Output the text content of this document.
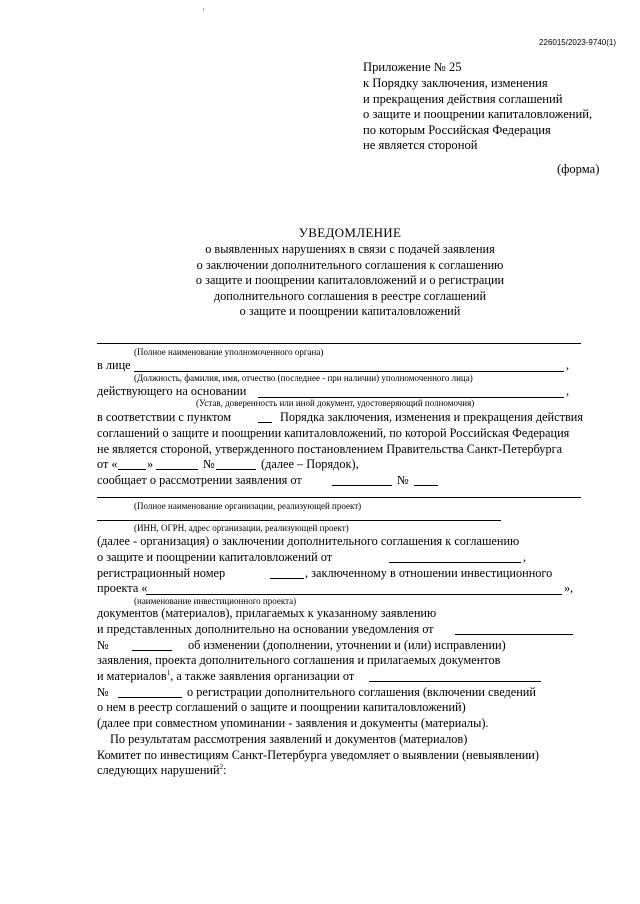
226015/2023-9740(1)
Приложение № 25
к Порядку заключения, изменения
и прекращения действия соглашений
о защите и поощрении капиталовложений,
по которым Российская Федерация
не является стороной
(форма)
УВЕДОМЛЕНИЕ
о выявленных нарушениях в связи с подачей заявления
о заключении дополнительного соглашения к соглашению
о защите и поощрении капиталовложений и о регистрации
дополнительного соглашения в реестре соглашений
о защите и поощрении капиталовложений
(Полное наименование уполномоченного органа)
в лице	,
(Должность, фамилия, имя, отчество (последнее - при наличии) уполномоченного лица)
действующего на основании	,
(Устав, доверенность или иной документ, удостоверяющий полномочия)
в соответствии с пунктом	Порядка заключения, изменения и прекращения действия
соглашений о защите и поощрении капиталовложений, по которой Российская Федерация
не является стороной, утвержденного постановлением Правительства Санкт-Петербурга
от « »	№	(далее – Порядок),
сообщает о рассмотрении заявления от	№
(Полное наименование организации, реализующей проект)
(ИНН, ОГРН, адрес организации, реализующей проект)
(далее - организация) о заключении дополнительного соглашения к соглашению
о защите и поощрении капиталовложений от	,
регистрационный номер	, заключенному в отношении инвестиционного
проекта «	»,
(наименование инвестиционного проекта)
документов (материалов), прилагаемых к указанному заявлению
и представленных дополнительно на основании уведомления от
№	об изменении (дополнении, уточнении и (или) исправлении)
заявления, проекта дополнительного соглашения и прилагаемых документов
и материалов$^1$, а также заявления организации от
№	о регистрации дополнительного соглашения (включении сведений
о нем в реестр соглашений о защите и поощрении капиталовложений)
(далее при совместном упоминании - заявления и документы (материалы).
По результатам рассмотрения заявлений и документов (материалов)
Комитет по инвестициям Санкт-Петербурга уведомляет о выявлении (невыявлении)
следующих нарушений$^2$:
